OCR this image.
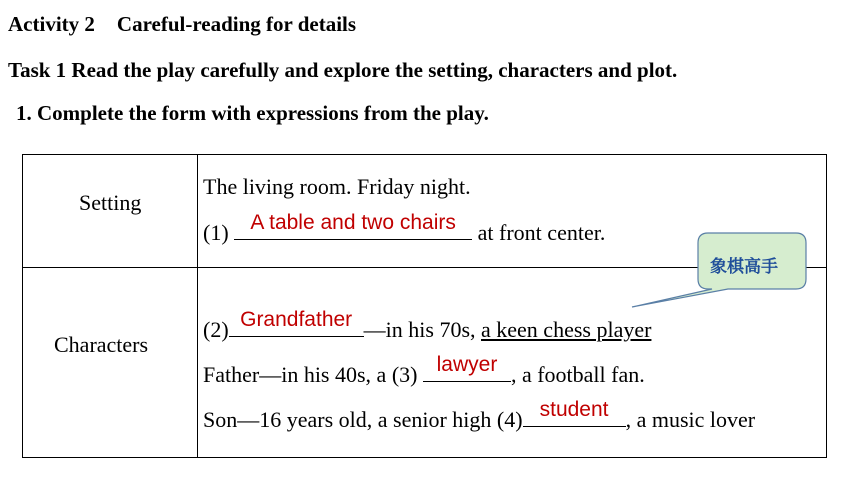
Activity 2 Careful-reading for details
Task 1 Read the play carefully and explore the setting, characters and plot.
1. Complete the form with expressions from the play.
Setting
Characters
The living room. Friday night.
(1)	A table and two chairs at front center.
(2) Grandfather —in his 70s, a keen chess player
Father—in his 40s, a (3) lawyer , a football fan.
Son—16 years old, a senior high (4) student , a music lover
象棋高手
